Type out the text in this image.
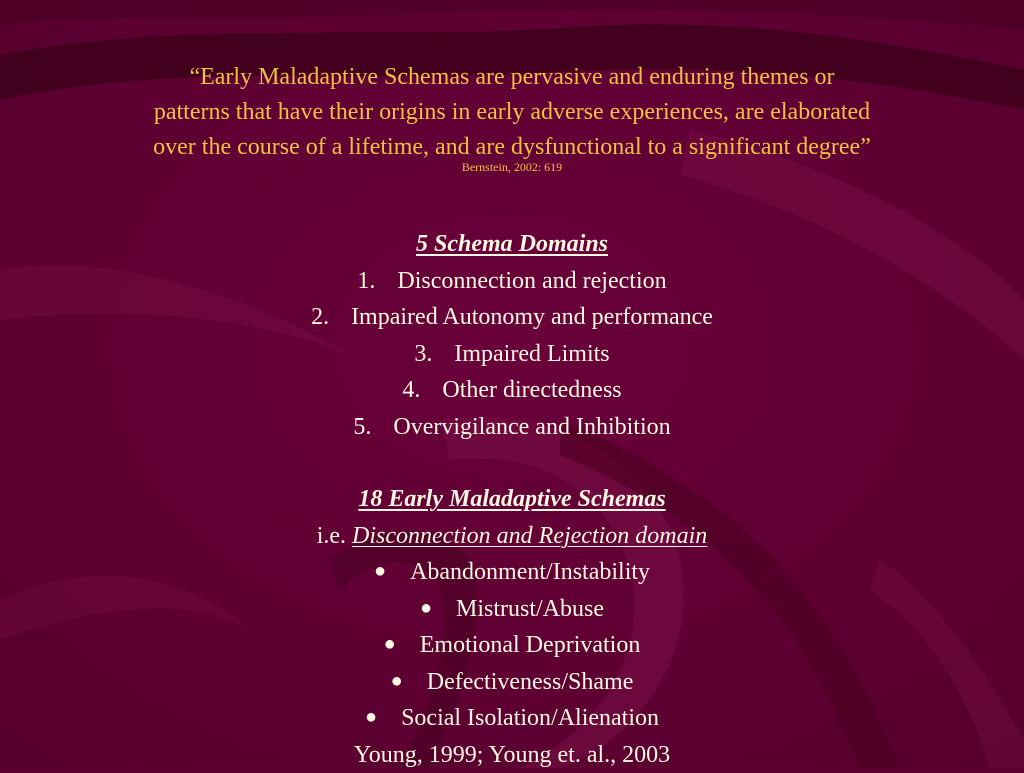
“Early Maladaptive Schemas are pervasive and enduring themes or
patterns that have their origins in early adverse experiences, are elaborated
over the course of a lifetime, and are dysfunctional to a significant degree”
Bernstein, 2002: 619
5 Schema Domains
1. Disconnection and rejection
2. Impaired Autonomy and performance
3. Impaired Limits
4. Other directedness
5. Overvigilance and Inhibition
18 Early Maladaptive Schemas
i.e. Disconnection and Rejection domain
● Abandonment/Instability
● Mistrust/Abuse
● Emotional Deprivation
● Defectiveness/Shame
● Social Isolation/Alienation
Young, 1999; Young et. al., 2003
